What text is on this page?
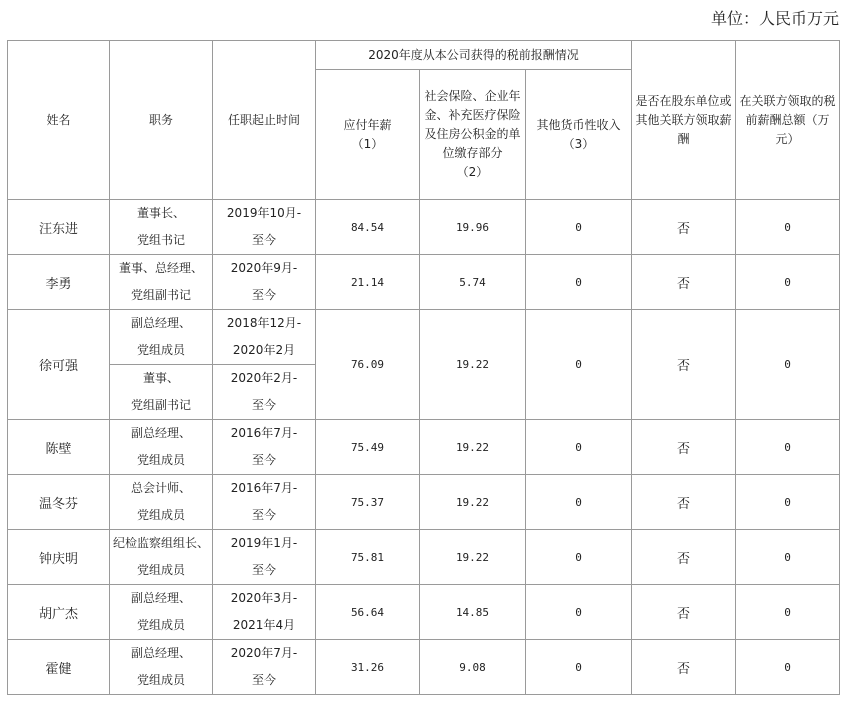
单位：人民币万元
姓名	职务	任职起止时间	2020年度从本公司获得的税前报酬情况			是否在股东单位或
其他关联方领取薪
酬	在关联方领取的税
前薪酬总额（万
元）

			应付年薪
（1）	社会保险、企业年
金、补充医疗保险
及住房公积金的单
位缴存部分
（2）	其他货币性收入
（3）		

汪东进	董事长、
党组书记	2019年10月-
至今	84.54	19.96	0	否	0

李勇	董事、总经理、
党组副书记	2020年9月-
至今	21.14	5.74	0	否	0

徐可强	副总经理、
党组成员	2018年12月-
2020年2月	76.09	19.22	0	否	0

	董事、
党组副书记	2020年2月-
至今					

陈壁	副总经理、
党组成员	2016年7月-
至今	75.49	19.22	0	否	0

温冬芬	总会计师、
党组成员	2016年7月-
至今	75.37	19.22	0	否	0

钟庆明	纪检监察组组长、
党组成员	2019年1月-
至今	75.81	19.22	0	否	0

胡广杰	副总经理、
党组成员	2020年3月-
2021年4月	56.64	14.85	0	否	0

霍健	副总经理、
党组成员	2020年7月-
至今	31.26	9.08	0	否	0
